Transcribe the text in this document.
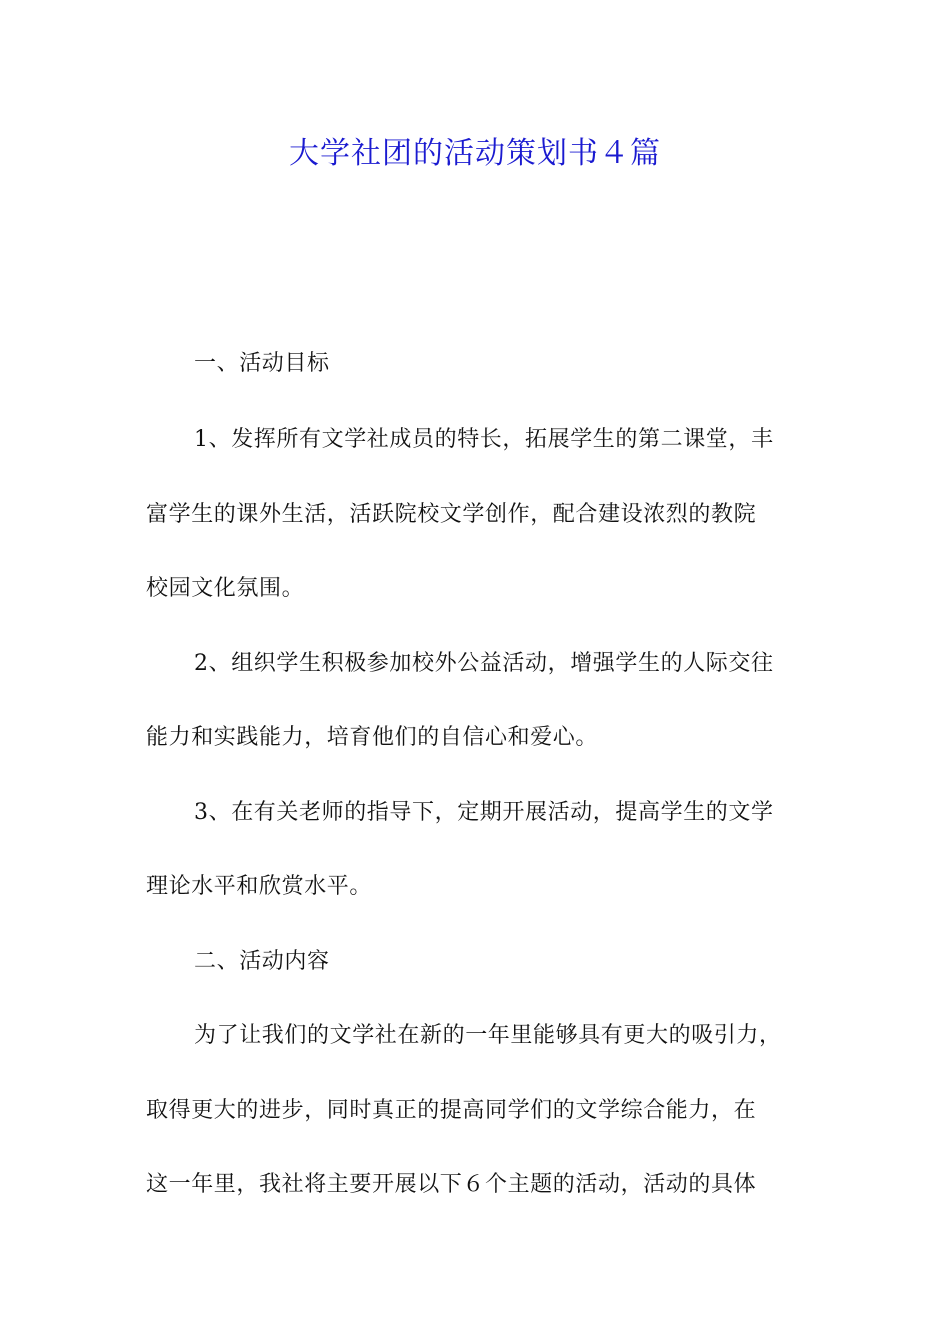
大学社团的活动策划书４篇
一、活动目标
1、发挥所有文学社成员的特长，拓展学生的第二课堂，丰
富学生的课外生活，活跃院校文学创作，配合建设浓烈的教院
校园文化氛围。
2、组织学生积极参加校外公益活动，增强学生的人际交往
能力和实践能力，培育他们的自信心和爱心。
3、在有关老师的指导下，定期开展活动，提高学生的文学
理论水平和欣赏水平。
二、活动内容
为了让我们的文学社在新的一年里能够具有更大的吸引力，
取得更大的进步，同时真正的提高同学们的文学综合能力，在
这一年里，我社将主要开展以下６个主题的活动，活动的具体
